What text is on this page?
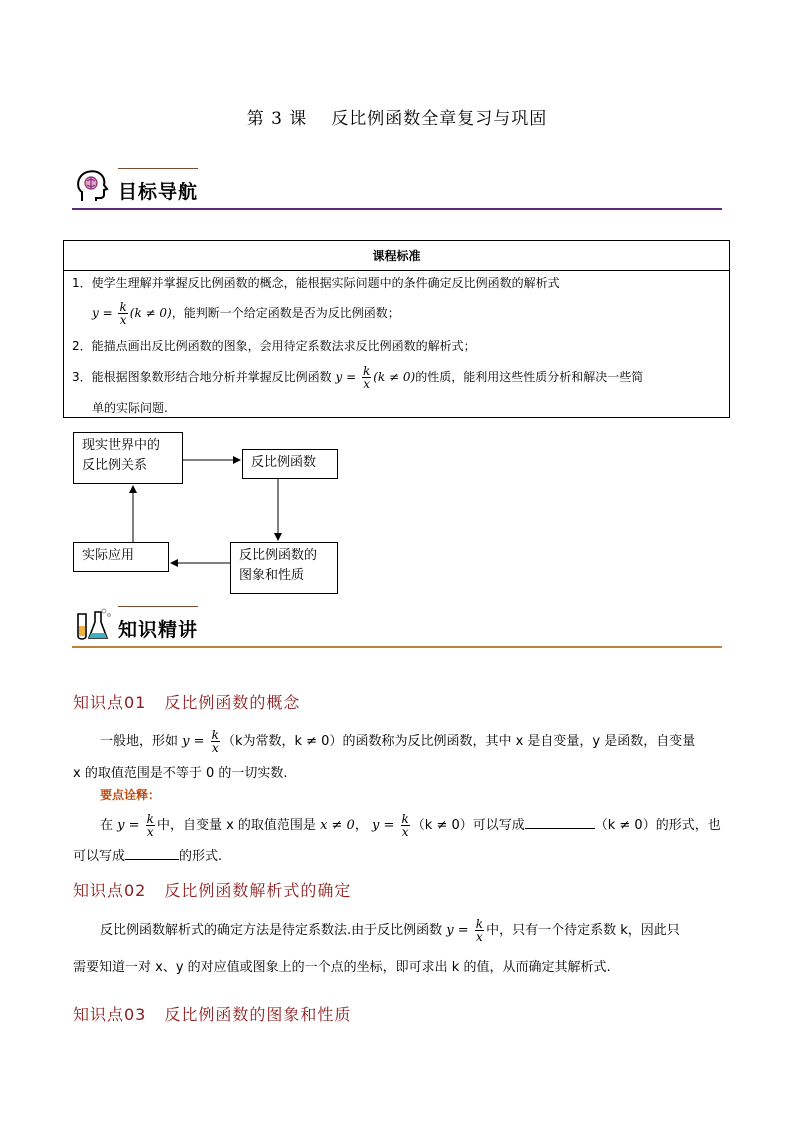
第 3 课 反比例函数全章复习与巩固
目标导航
课程标准
1．使学生理解并掌握反比例函数的概念，能根据实际问题中的条件确定反比例函数的解析式
$y = \frac{k}{x} (k \ne 0)$，能判断一个给定函数是否为反比例函数；
2．能描点画出反比例函数的图象，会用待定系数法求反比例函数的解析式；
3．能根据图象数形结合地分析并掌握反比例函数 $y = \frac{k}{x} (k \ne 0)$的性质，能利用这些性质分析和解决一些简
单的实际问题.
现实世界中的
反比例关系	反比例函数
反比例函数的
图象和性质
实际应用
知识精讲
知识点01 反比例函数的概念
一般地，形如 $y = \frac{k}{x} (k$为常数，k ≠ 0）的函数称为反比例函数，其中 x 是自变量，y 是函数，自变量
x 的取值范围是不等于 0 的一切实数.
要点诠释：
在 $y = \frac{k}{x}$ 中，自变量 x 的取值范围是 x ≠ 0， $y = \frac{k}{x} (k \ne 0)$可以写成	（k ≠ 0）的形式，也
可以写成	的形式.
知识点02 反比例函数解析式的确定
反比例函数解析式的确定方法是待定系数法.由于反比例函数 $y = \frac{k}{x}$ 中，只有一个待定系数 k，因此只
需要知道一对 x、y 的对应值或图象上的一个点的坐标，即可求出 k 的值，从而确定其解析式.
知识点03 反比例函数的图象和性质
